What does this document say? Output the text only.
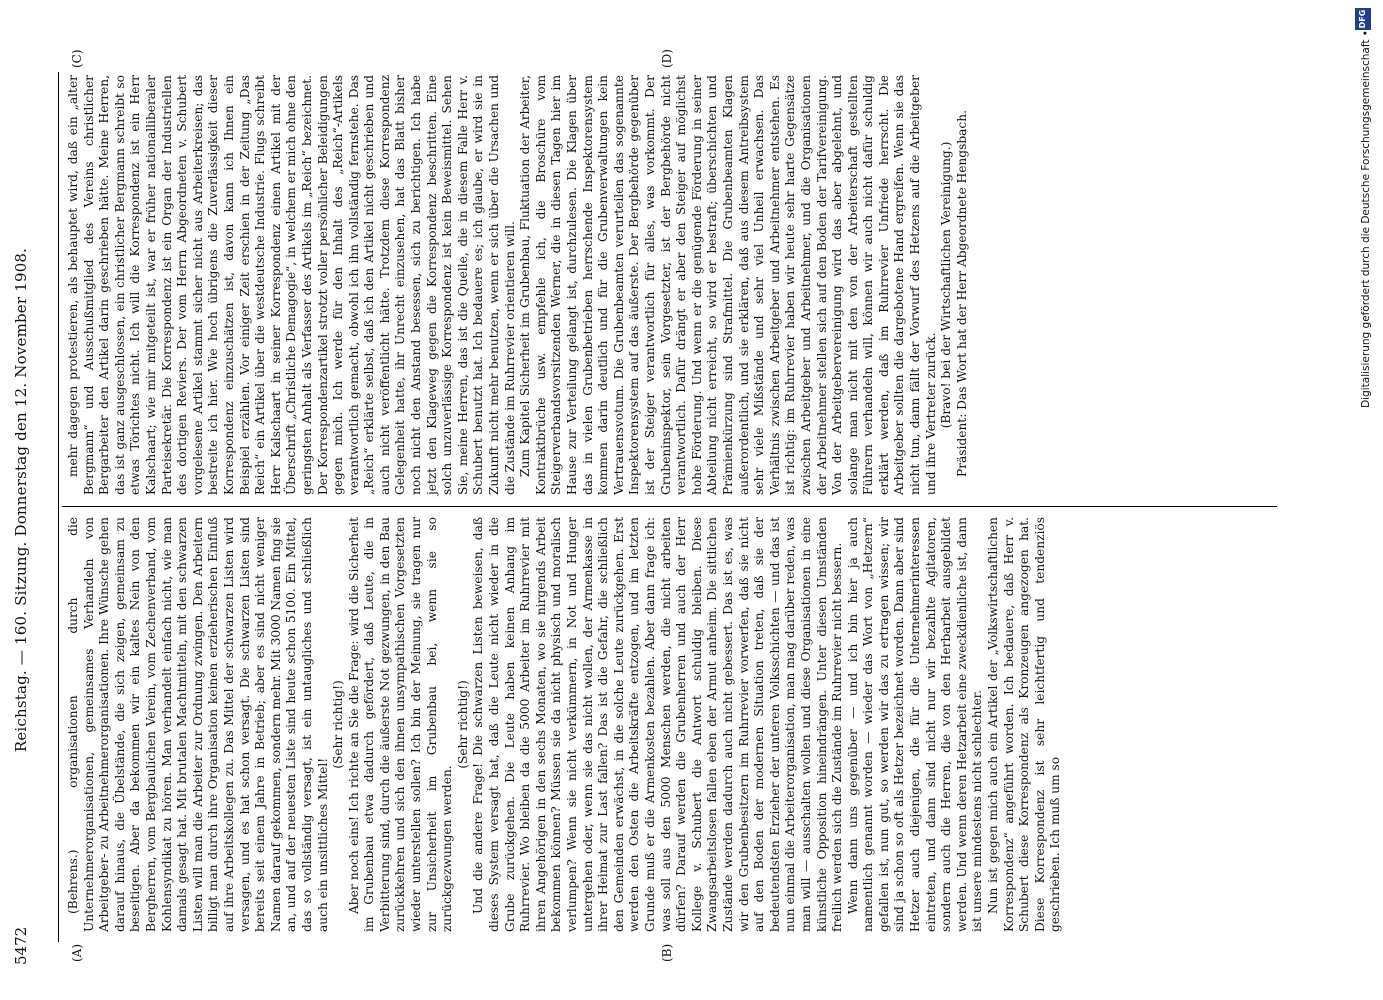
5472
Reichstag. — 160. Sitzung. Donnerstag den 12. November 1908.
(A)	(B)
(C)	(D)

(Behrens.) organisationen durch die Unternehmerorganisationen, gemeinsames Verhandeln von Arbeitgeber- zu Arbeitnehmerorganisationen. Ihre Wünsche gehen darauf hinaus, die Übelstände, die sich zeigen, gemeinsam zu beseitigen. Aber da bekommen wir ein kaltes Nein von den Bergherren, vom Bergbaulichen Verein, vom Zechenverband, vom Kohlensyndikat zu hören. Man verhandelt einfach nicht, wie man damals gesagt hat. Mit brutalen Machtmitteln, mit den schwarzen Listen will man die Arbeiter zur Ordnung zwingen. Den Arbeitern billigt man durch ihre Organisation keinen erzieherischen Einfluß auf ihre Arbeitskollegen zu. Das Mittel der schwarzen Listen wird versagen, und es hat schon versagt. Die schwarzen Listen sind bereits seit einem Jahre in Betrieb; aber es sind nicht weniger Namen darauf gekommen, sondern mehr. Mit 3000 Namen fing sie an, und auf der neuesten Liste sind heute schon 5100. Ein Mittel, das so vollständig versagt, ist ein untaugliches und schließlich auch ein unsittliches Mittel!

(Sehr richtig!) Aber noch eins! Ich richte an Sie die Frage: wird die Sicherheit im Grubenbau etwa dadurch gefördert, daß Leute, die in Verbitterung sind, durch die äußerste Not gezwungen, in den Bau zurückkehren und sich den ihnen unsympathischen Vorgesetzten wieder unterstellen sollen? Ich bin der Meinung, sie tragen nur zur Unsicherheit im Grubenbau bei, wenn sie so zurückgezwungen werden.

(Sehr richtig!) Und die andere Frage! Die schwarzen Listen beweisen, daß dieses System versagt hat, daß die Leute nicht wieder in die Grube zurückgehen. Die Leute haben keinen Anhang im Ruhrrevier. Wo bleiben da die 5000 Arbeiter im Ruhrrevier mit ihren Angehörigen in den sechs Monaten, wo sie nirgends Arbeit bekommen können? Müssen sie da nicht physisch und moralisch verlumpen? Wenn sie nicht verkümmern, in Not und Hunger untergehen oder, wenn sie das nicht wollen, der Armenkasse in ihrer Heimat zur Last fallen? Das ist die Gefahr, die schließlich den Gemeinden erwächst, in die solche Leute zurückgehen. Erst werden den Osten die Arbeitskräfte entzogen, und im letzten Grunde muß er die Armenkosten bezahlen. Aber dann frage ich: was soll aus den 5000 Menschen werden, die nicht arbeiten dürfen? Darauf werden die Grubenherren und auch der Herr Kollege v. Schubert die Antwort schuldig bleiben. Diese Zwangsarbeitslosen fallen eben der Armut anheim. Die sittlichen Zustände werden dadurch auch nicht gebessert. Das ist es, was wir den Grubenbesitzern im Ruhrrevier vorwerfen, daß sie nicht auf den Boden der modernen Situation treten, daß sie der bedeutendsten Erzieher der unteren Volksschichten — und das ist nun einmal die Arbeiterorganisation, man mag darüber reden, was man will — ausschalten wollen und diese Organisationen in eine künstliche Opposition hineindrängen. Unter diesen Umständen freilich werden sich die Zustände im Ruhrrevier nicht bessern. Wenn dann uns gegenüber — und ich bin hier ja auch namentlich genannt worden — wieder das Wort von „Hetzern“ gefallen ist, nun gut, so werden wir das zu ertragen wissen; wir sind ja schon so oft als Hetzer bezeichnet worden. Dann aber sind Hetzer auch diejenigen, die für die Unternehmerinteressen eintreten, und dann sind nicht nur wir bezahlte Agitatoren, sondern auch die Herren, die von den Herbarbeit ausgebildet werden. Und wenn deren Hetzarbeit eine zweckdienliche ist, dann ist unsere mindestens nicht schlechter. Nun ist gegen mich auch ein Artikel der „Volkswirtschaftlichen Korrespondenz“ angeführt worden. Ich bedauere, daß Herr v. Schubert diese Korrespondenz als Kronzeugen angezogen hat. Diese Korrespondenz ist sehr leichtfertig und tendenziös geschrieben. Ich muß um so

mehr dagegen protestieren, als behauptet wird, daß ein „alter Bergmann“ und Ausschußmitglied des Vereins christlicher Bergarbeiter den Artikel darin geschrieben hätte. Meine Herren, das ist ganz ausgeschlossen, ein christlicher Bergmann schreibt so etwas Törichtes nicht. Ich will die Korrespondenz ist ein Herr Kalschaart; wie mir mitgeteilt ist, war er früher nationalliberaler Parteisekretär. Die Korrespondenz ist ein Organ der Industriellen des dortigen Reviers. Der vom Herrn Abgeordneten v. Schubert vorgelesene Artikel stammt sicher nicht aus Arbeiterkreisen; das bestreite ich hier. Wie hoch übrigens die Zuverlässigkeit dieser Korrespondenz einzuschätzen ist, davon kann ich Ihnen ein Beispiel erzählen. Vor einiger Zeit erschien in der Zeitung „Das Reich“ ein Artikel über die westdeutsche Industrie. Flugs schreibt Herr Kalschaart in seiner Korrespondenz einen Artikel mit der Überschrift „Christliche Demagogie“, in welchem er mich ohne den geringsten Anhalt als Verfasser des Artikels im „Reich“ bezeichnet. Der Korrespondenzartikel strotzt voller persönlicher Beleidigungen gegen mich. Ich werde für den Inhalt des „Reich“-Artikels verantwortlich gemacht, obwohl ich ihn vollständig fernstehe. Das „Reich“ erklärte selbst, daß ich den Artikel nicht geschrieben und auch nicht veröffentlicht hätte. Trotzdem diese Korrespondenz Gelegenheit hatte, ihr Unrecht einzusehen, hat das Blatt bisher noch nicht den Anstand besessen, sich zu berichtigen. Ich habe jetzt den Klageweg gegen die Korrespondenz beschritten. Eine solch unzuverlässige Korrespondenz ist kein Beweismittel. Sehen Sie, meine Herren, das ist die Quelle, die in diesem Falle Herr v. Schubert benutzt hat. Ich bedauere es; ich glaube, er wird sie in Zukunft nicht mehr benutzen, wenn er sich über die Ursachen und die Zustände im Ruhrrevier orientieren will. Zum Kapitel Sicherheit im Grubenbau, Fluktuation der Arbeiter, Kontraktbrüche usw. empfehle ich, die Broschüre vom Steigerverbandsvorsitzenden Werner, die in diesen Tagen hier im Hause zur Verteilung gelangt ist, durchzulesen. Die Klagen über das in vielen Grubenbetrieben herrschende Inspektorensystem kommen darin deutlich und für die Grubenverwaltungen kein Vertrauensvotum. Die Grubenbeamten verurteilen das sogenannte Inspektorensystem auf das äußerste. Der Bergbehörde gegenüber ist der Steiger verantwortlich für alles, was vorkommt. Der Grubeninspektor, sein Vorgesetzter, ist der Bergbehörde nicht verantwortlich. Dafür drängt er aber den Steiger auf möglichst hohe Förderung. Und wenn er die genügende Förderung in seiner Abteilung nicht erreicht, so wird er bestraft; überschichten und Prämienkürzung sind Strafmittel. Die Grubenbeamten Klagen außerordentlich, und sie erklären, daß aus diesem Antreibsystem sehr viele Mißstände und sehr viel Unheil erwachsen. Das Verhältnis zwischen Arbeitgeber und Arbeitnehmer entstehen. Es ist richtig: im Ruhrrevier haben wir heute sehr harte Gegensätze zwischen Arbeitgeber und Arbeitnehmer, und die Organisationen der Arbeitnehmer stellen sich auf den Boden der Tarifvereinigung. Von der Arbeitgebervereinigung wird das aber abgelehnt, und solange man nicht mit den von der Arbeiterschaft gestellten Führern verhandeln will, können wir auch nicht dafür schuldig erklärt werden, daß im Ruhrrevier Unfriede herrscht. Die Arbeitgeber sollten die dargebotene Hand ergreifen. Wenn sie das nicht tun, dann fällt der Vorwurf des Hetzens auf die Arbeitgeber und ihre Vertreter zurück. (Bravo! bei der Wirtschaftlichen Vereinigung.) Präsident: Das Wort hat der Herr Abgeordnete Hengsbach.	Digitalisierung gefördert durch die Deutsche Forschungsgemeinschaft •
DFG
